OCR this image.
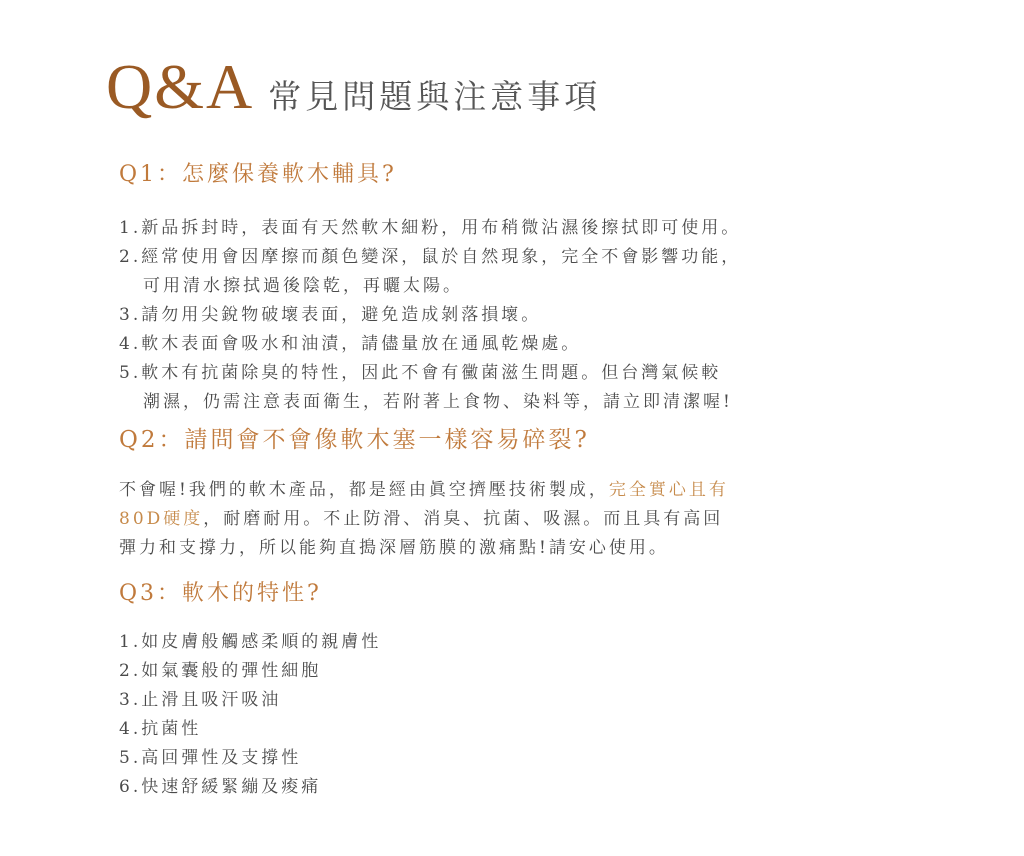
Q&A 常見問題與注意事項
Q1：怎麼保養軟木輔具?
1.新品拆封時，表面有天然軟木細粉，用布稍微沾濕後擦拭即可使用。
2.經常使用會因摩擦而顏色變深，鼠於自然現象，完全不會影響功能，
可用清水擦拭過後陰乾，再曬太陽。
3.請勿用尖銳物破壞表面，避免造成剝落損壞。
4.軟木表面會吸水和油漬，請儘量放在通風乾燥處。
5.軟木有抗菌除臭的特性，因此不會有黴菌滋生問題。但台灣氣候較
潮濕，仍需注意表面衛生，若附著上食物、染料等，請立即清潔喔!
Q2：請問會不會像軟木塞一樣容易碎裂?
不會喔!我們的軟木產品，都是經由眞空擠壓技術製成，完全實心且有
80D硬度，耐磨耐用。不止防滑、消臭、抗菌、吸濕。而且具有高回
彈力和支撐力，所以能夠直搗深層筋膜的激痛點!請安心使用。
Q3：軟木的特性?
1.如皮膚般觸感柔順的親膚性
2.如氣囊般的彈性細胞
3.止滑且吸汗吸油
4.抗菌性
5.高回彈性及支撐性
6.快速舒緩緊繃及痠痛
